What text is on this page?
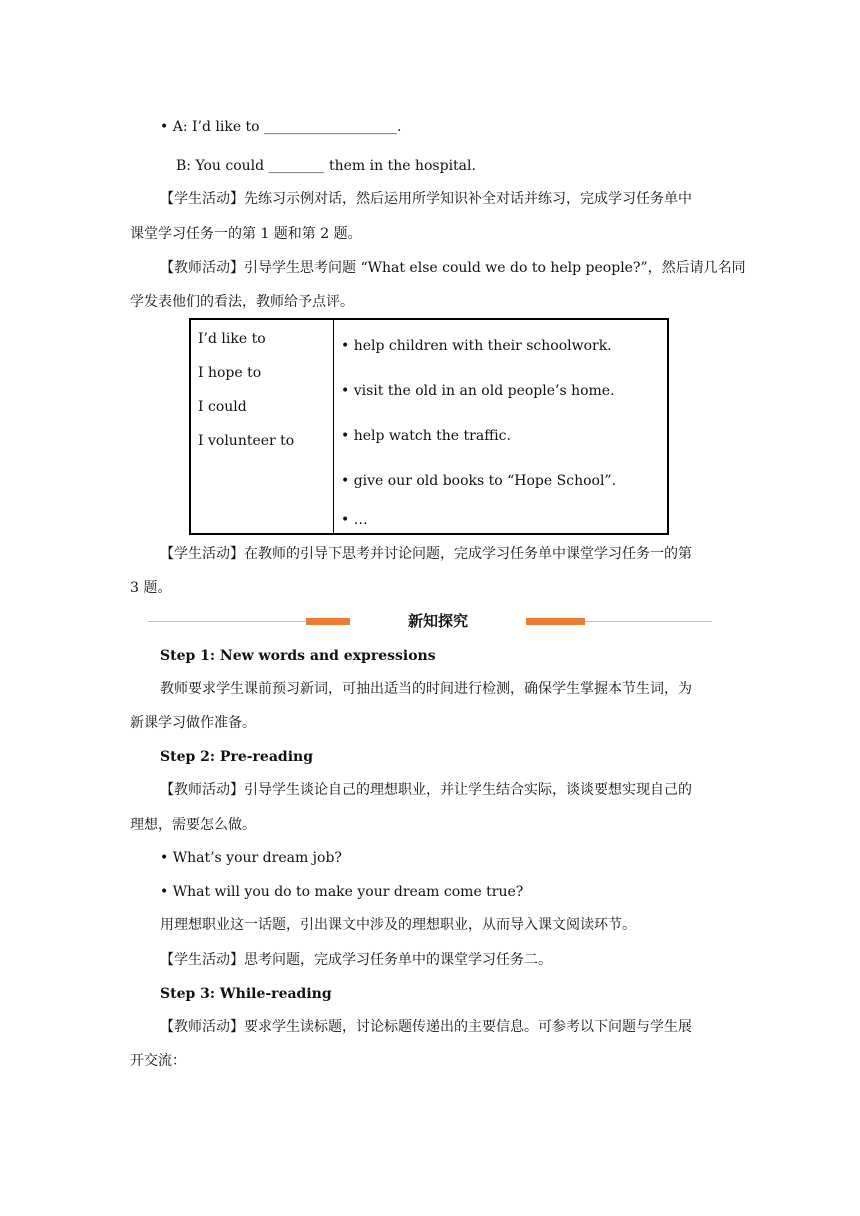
• A: I’d like to ___________________.
B: You could ________ them in the hospital.
【学生活动】先练习示例对话，然后运用所学知识补全对话并练习，完成学习任务单中
课堂学习任务一的第 1 题和第 2 题。
【教师活动】引导学生思考问题 “What else could we do to help people?”，然后请几名同
学发表他们的看法，教师给予点评。
I’d like to
I hope to
I could
I volunteer to
• help children with their schoolwork.
• visit the old in an old people’s home.
• help watch the traffic.
• give our old books to “Hope School”.
• …
【学生活动】在教师的引导下思考并讨论问题，完成学习任务单中课堂学习任务一的第
3 题。
新知探究
Step 1: New words and expressions
教师要求学生课前预习新词，可抽出适当的时间进行检测，确保学生掌握本节生词，为
新课学习做作准备。
Step 2: Pre-reading
【教师活动】引导学生谈论自己的理想职业，并让学生结合实际，谈谈要想实现自己的
理想，需要怎么做。
• What’s your dream job?
• What will you do to make your dream come true?
用理想职业这一话题，引出课文中涉及的理想职业，从而导入课文阅读环节。
【学生活动】思考问题，完成学习任务单中的课堂学习任务二。
Step 3: While-reading
【教师活动】要求学生读标题，讨论标题传递出的主要信息。可参考以下问题与学生展
开交流：
